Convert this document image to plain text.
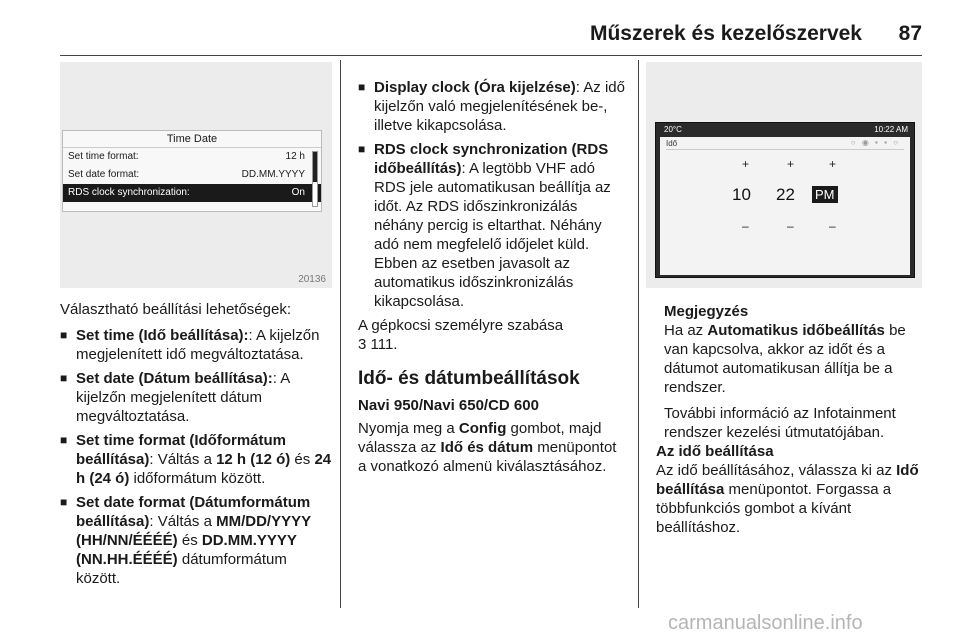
Műszerek és kezelőszervek 87
Time Date
Set time format:	12 h
Set date format:	DD.MM.YYYY
RDS clock synchronization:	On
20136

Választható beállítási lehetőségek:

■ Set time (Idő beállítása):: A kijelzőn megjelenített idő megváltoztatása.
■ Set date (Dátum beállítása):: A kijelzőn megjelenített dátum megváltoztatása.
■ Set time format (Időformátum beállítása): Váltás a 12 h (12 ó) és 24 h (24 ó) időformátum között.
■ Set date format (Dátumformátum beállítása): Váltás a MM/DD/YYYY (HH/NN/ÉÉÉÉ) és DD.MM.YYYY (NN.HH.ÉÉÉÉ) dátumformátum között.
■ Display clock (Óra kijelzése): Az idő kijelzőn való megjelenítésének be-, illetve kikapcsolása.
■ RDS clock synchronization (RDS időbeállítás): A legtöbb VHF adó RDS jele automatikusan beállítja az időt. Az RDS időszinkronizálás néhány percig is eltarthat. Néhány adó nem megfelelő időjelet küld. Ebben az esetben javasolt az automatikus időszinkronizálás kikapcsolása.

A gépkocsi személyre szabása
3 111.

Idő- és dátumbeállítások

Navi 950/Navi 650/CD 600

Nyomja meg a Config gombot, majd válassza az Idő és dátum menüpontot a vonatkozó almenü kiválasztásához.

20°C	10:22 AM
Idő	○ ◉ ▪ ▪ ○
+	+	+
10 22 PM
–	–	–

Megjegyzés

Ha az Automatikus időbeállítás be van kapcsolva, akkor az időt és a dátumot automatikusan állítja be a rendszer.

További információ az Infotainment rendszer kezelési útmutatójában.

Az idő beállítása

Az idő beállításához, válassza ki az Idő beállítása menüpontot. Forgassa a többfunkciós gombot a kívánt beállításhoz.

carmanualsonline.info
